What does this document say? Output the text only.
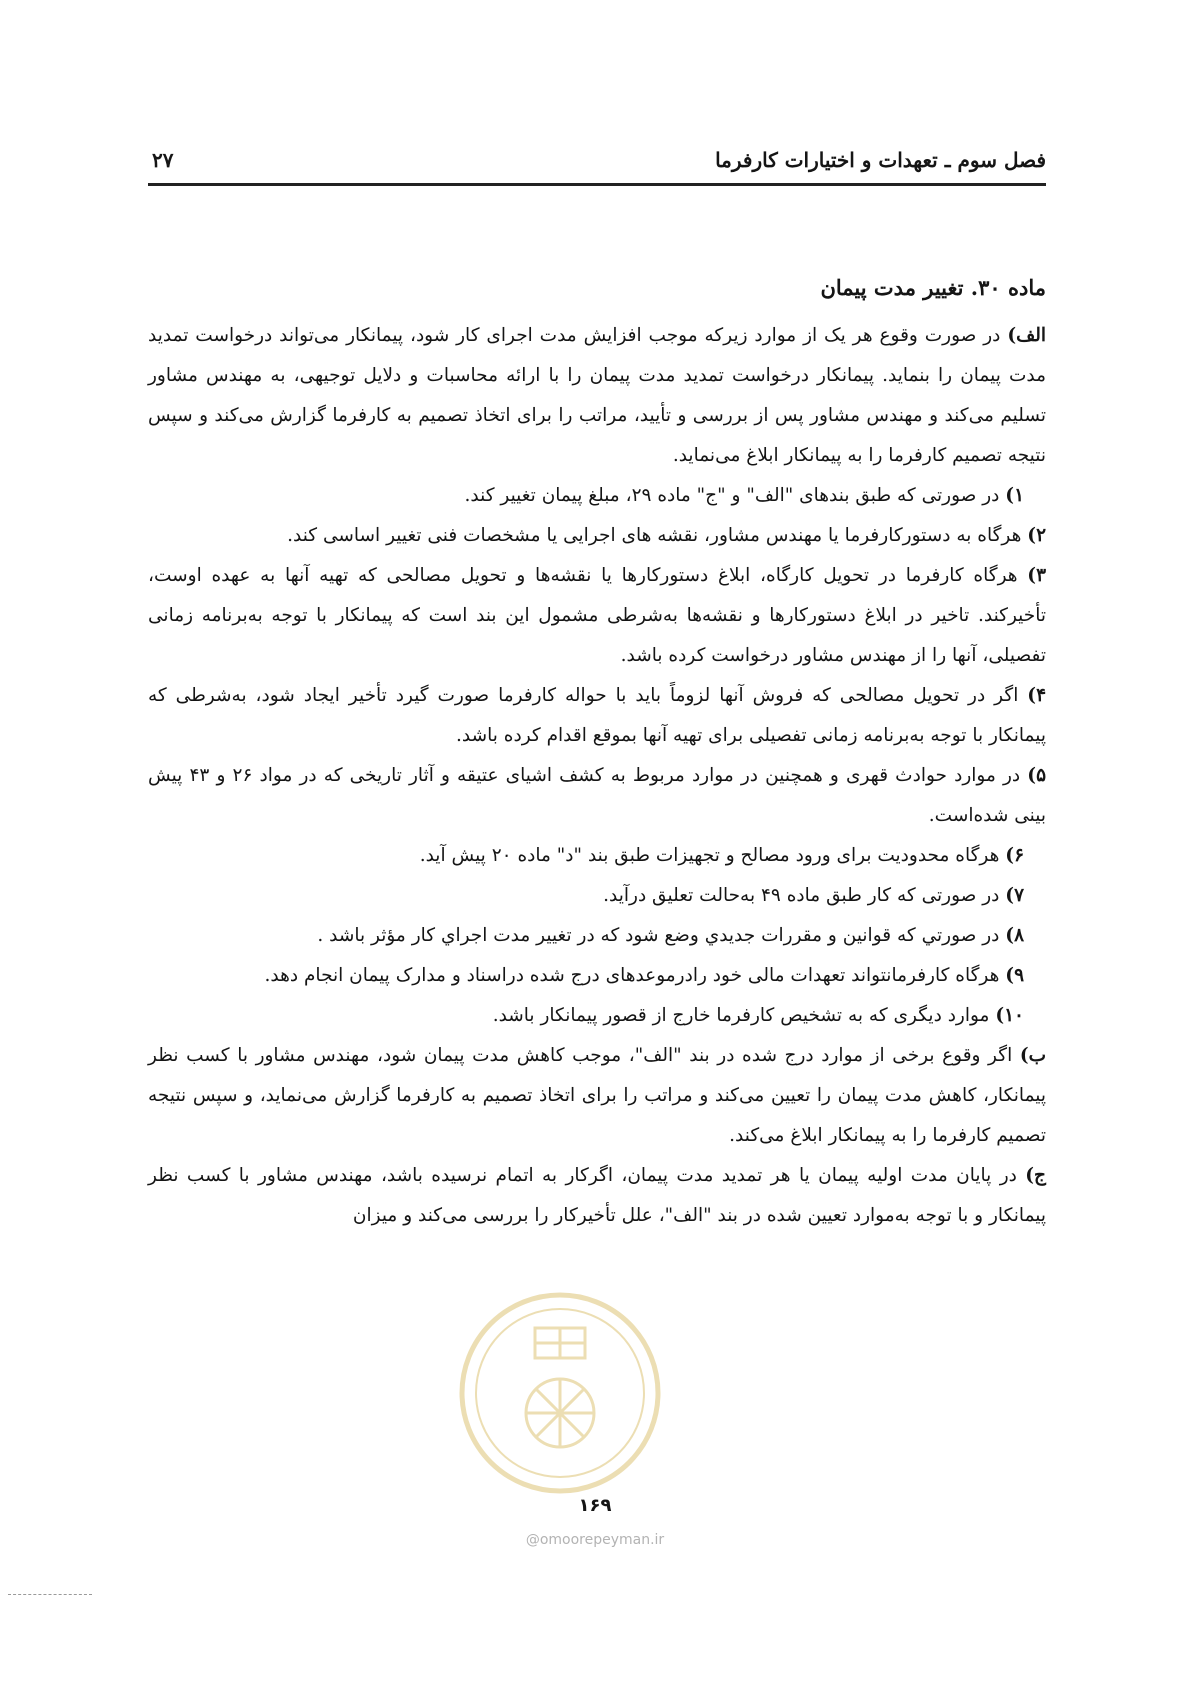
فصل سوم ـ تعهدات و اختیارات کارفرما
۲۷
ماده ۳۰. تغییر مدت پیمان

الف) در صورت وقوع هر یک از موارد زیرکه موجب افزایش مدت اجرای کار شود، پیمانکار می‌تواند درخواست تمدید مدت پیمان را بنماید. پیمانکار درخواست تمدید مدت پیمان را با ارائه محاسبات و دلایل توجیهی، به مهندس مشاور تسلیم می‌کند و مهندس مشاور پس از بررسی و تأیید، مراتب را برای اتخاذ تصمیم به کارفرما گزارش می‌کند و سپس نتیجه تصمیم کارفرما را به پیمانکار ابلاغ می‌نماید.

۱) در صورتی که طبق بندهای "الف" و "ج" ماده ۲۹، مبلغ پیمان تغییر کند.

۲) هرگاه به دستورکارفرما یا مهندس مشاور، نقشه های اجرایی یا مشخصات فنی تغییر اساسی کند.

۳) هرگاه کارفرما در تحویل کارگاه، ابلاغ دستورکارها یا نقشه‌ها و تحویل مصالحی که تهیه آنها به عهده اوست، تأخیرکند. تاخیر در ابلاغ دستورکارها و نقشه‌ها به‌شرطی مشمول این بند است که پیمانکار با توجه به‌برنامه زمانی تفصیلی، آنها را از مهندس مشاور درخواست کرده باشد.

۴) اگر در تحویل مصالحی که فروش آنها لزوماً باید با حواله کارفرما صورت گیرد تأخیر ایجاد شود، به‌شرطی که پیمانکار با توجه به‌برنامه زمانی تفصیلی برای تهیه آنها بموقع اقدام کرده باشد.

۵) در موارد حوادث قهری و همچنین در موارد مربوط به کشف اشیای عتیقه و آثار تاریخی که در مواد ۲۶ و ۴۳ پیش بینی شده‌است.

۶) هرگاه محدودیت برای ورود مصالح و تجهیزات طبق بند "د" ماده ۲۰ پیش آید.

۷) در صورتی که کار طبق ماده ۴۹ به‌حالت تعلیق درآید.

۸) در صورتي كه قوانين و مقررات جديدي وضع شود كه در تغيير مدت اجراي كار مؤثر باشد .

۹) هرگاه کارفرمانتواند تعهدات مالی خود رادرموعدهای درج شده دراسناد و مدارک پیمان انجام دهد.

۱۰) موارد دیگری که به تشخیص کارفرما خارج از قصور پیمانکار باشد.

ب) اگر وقوع برخی از موارد درج شده در بند "الف"، موجب کاهش مدت پیمان شود، مهندس مشاور با کسب نظر پیمانکار، کاهش مدت پیمان را تعیین می‌کند و مراتب را برای اتخاذ تصمیم به کارفرما گزارش می‌نماید، و سپس نتیجه تصمیم کارفرما را به پیمانکار ابلاغ می‌کند.

ج) در پایان مدت اولیه پیمان یا هر تمدید مدت پیمان، اگرکار به اتمام نرسیده باشد، مهندس مشاور با کسب نظر پیمانکار و با توجه به‌موارد تعیین شده در بند "الف"، علل تأخیرکار را بررسی می‌کند و میزان

۱۶۹
@omoorepeyman.ir
